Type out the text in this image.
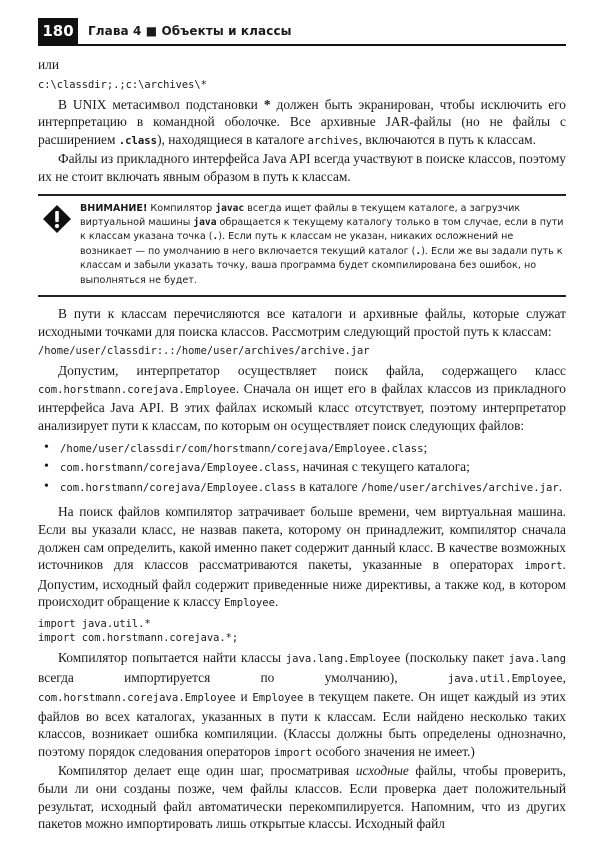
180	Глава 4 ■ Объекты и классы

или

c:\classdir;.;c:\archives\*

В UNIX метасимвол подстановки * должен быть экранирован, чтобы исключить его интерпретацию в командной оболочке. Все архивные JAR-файлы (но не файлы с расширением .class), находящиеся в каталоге archives, включаются в путь к классам.

Файлы из прикладного интерфейса Java API всегда участвуют в поиске классов, поэтому их не стоит включать явным образом в путь к классам.

ВНИМАНИЕ! Компилятор javac всегда ищет файлы в текущем каталоге, а загрузчик виртуальной машины java обращается к текущему каталогу только в том случае, если в пути к классам указана точка (.). Если путь к классам не указан, никаких осложнений не возникает — по умолчанию в него включается текущий каталог (.). Если же вы задали путь к классам и забыли указать точку, ваша программа будет скомпилирована без ошибок, но выполняться не будет.

В пути к классам перечисляются все каталоги и архивные файлы, которые служат исходными точками для поиска классов. Рассмотрим следующий простой путь к классам:

/home/user/classdir:.:/home/user/archives/archive.jar

Допустим, интерпретатор осуществляет поиск файла, содержащего класс com.horstmann.corejava.Employee. Сначала он ищет его в файлах классов из прикладного интерфейса Java API. В этих файлах искомый класс отсутствует, поэтому интерпретатор анализирует пути к классам, по которым он осуществляет поиск следующих файлов:

• /home/user/classdir/com/horstmann/corejava/Employee.class;
• com.horstmann/corejava/Employee.class, начиная с текущего каталога;
• com.horstmann/corejava/Employee.class в каталоге /home/user/archives/archive.jar.

На поиск файлов компилятор затрачивает больше времени, чем виртуальная машина. Если вы указали класс, не назвав пакета, которому он принадлежит, компилятор сначала должен сам определить, какой именно пакет содержит данный класс. В качестве возможных источников для классов рассматриваются пакеты, указанные в операторах import. Допустим, исходный файл содержит приведенные ниже директивы, а также код, в котором происходит обращение к классу Employee.

import java.util.*

import com.horstmann.corejava.*;

Компилятор попытается найти классы java.lang.Employee (поскольку пакет java.lang всегда импортируется по умолчанию), java.util.Employee, com.horstmann.corejava.Employee и Employee в текущем пакете. Он ищет каждый из этих файлов во всех каталогах, указанных в пути к классам. Если найдено несколько таких классов, возникает ошибка компиляции. (Классы должны быть определены однозначно, поэтому порядок следования операторов import особого значения не имеет.)

Компилятор делает еще один шаг, просматривая исходные файлы, чтобы проверить, были ли они созданы позже, чем файлы классов. Если проверка дает положительный результат, исходный файл автоматически перекомпилируется. Напомним, что из других пакетов можно импортировать лишь открытые классы. Исходный файл
